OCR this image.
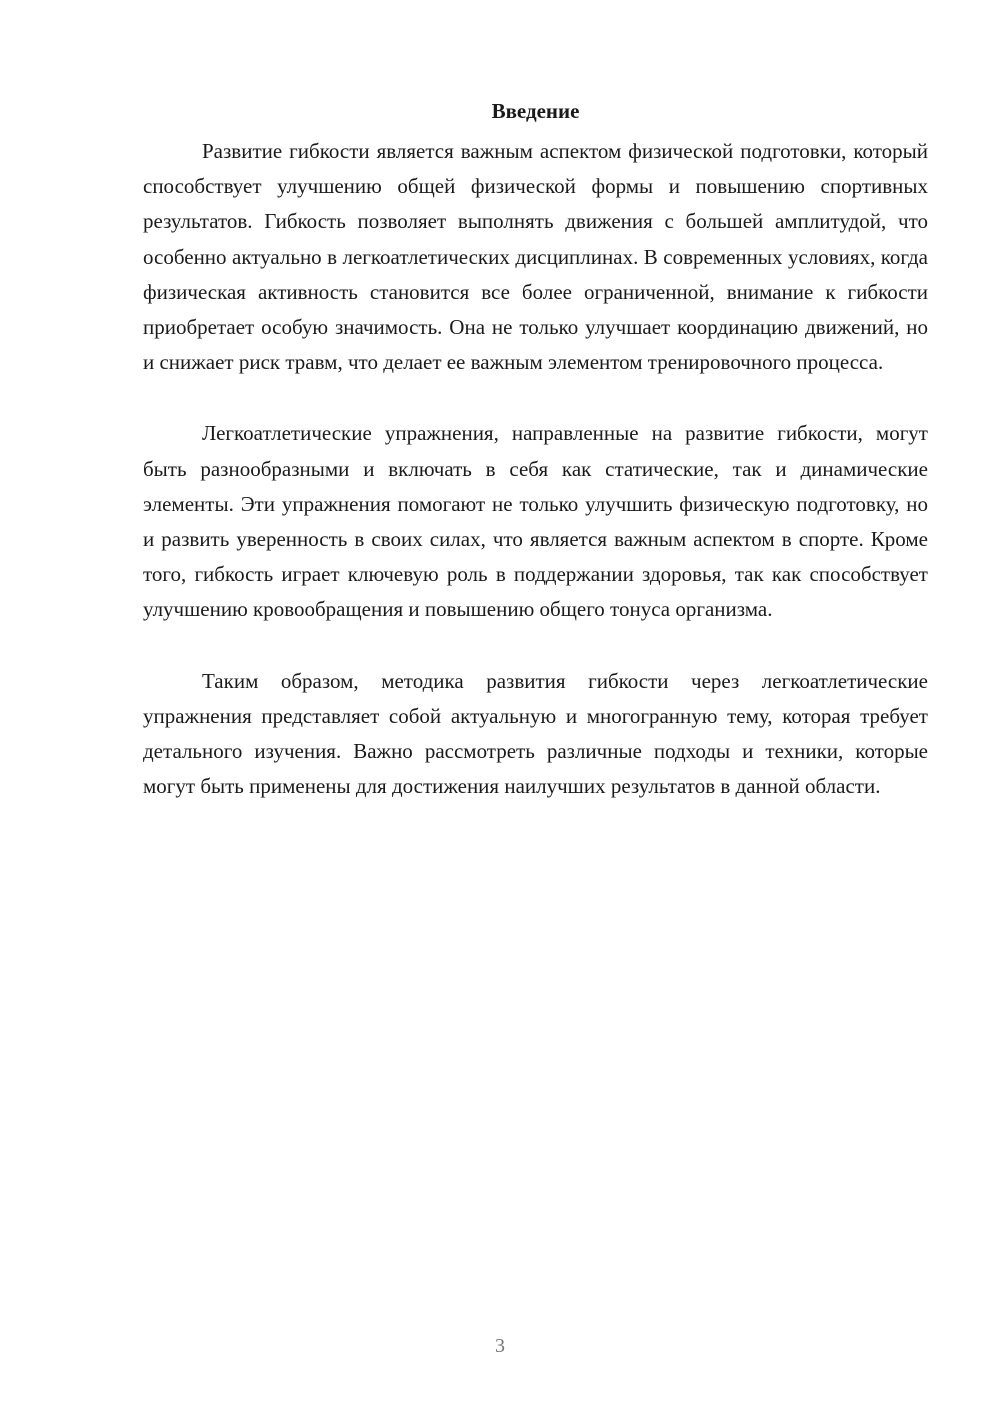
Введение

Развитие гибкости является важным аспектом физической подготовки, который способствует улучшению общей физической формы и повышению спортивных результатов. Гибкость позволяет выполнять движения с большей амплитудой, что особенно актуально в легкоатлетических дисциплинах. В современных условиях, когда физическая активность становится все более ограниченной, внимание к гибкости приобретает особую значимость. Она не только улучшает координацию движений, но и снижает риск травм, что делает ее важным элементом тренировочного процесса.

Легкоатлетические упражнения, направленные на развитие гибкости, могут быть разнообразными и включать в себя как статические, так и динамические элементы. Эти упражнения помогают не только улучшить физическую подготовку, но и развить уверенность в своих силах, что является важным аспектом в спорте. Кроме того, гибкость играет ключевую роль в поддержании здоровья, так как способствует улучшению кровообращения и повышению общего тонуса организма.

Таким образом, методика развития гибкости через легкоатлетические упражнения представляет собой актуальную и многогранную тему, которая требует детального изучения. Важно рассмотреть различные подходы и техники, которые могут быть применены для достижения наилучших результатов в данной области.

3
